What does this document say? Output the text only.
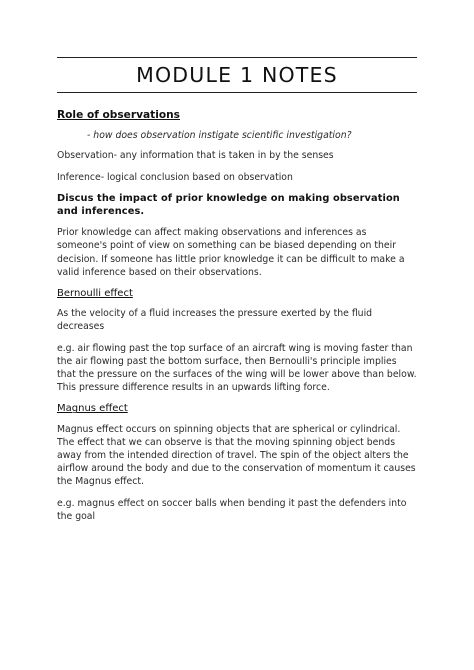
MODULE 1 NOTES

Role of observations

- how does observation instigate scientific investigation?

Observation- any information that is taken in by the senses

Inference- logical conclusion based on observation

Discus the impact of prior knowledge on making observation and inferences.

Prior knowledge can affect making observations and inferences as someone's point of view on something can be biased depending on their decision. If someone has little prior knowledge it can be difficult to make a valid inference based on their observations.

Bernoulli effect

As the velocity of a fluid increases the pressure exerted by the fluid decreases

e.g. air flowing past the top surface of an aircraft wing is moving faster than the air flowing past the bottom surface, then Bernoulli's principle implies that the pressure on the surfaces of the wing will be lower above than below. This pressure difference results in an upwards lifting force.

Magnus effect

Magnus effect occurs on spinning objects that are spherical or cylindrical. The effect that we can observe is that the moving spinning object bends away from the intended direction of travel. The spin of the object alters the airflow around the body and due to the conservation of momentum it causes the Magnus effect.

e.g. magnus effect on soccer balls when bending it past the defenders into the goal
